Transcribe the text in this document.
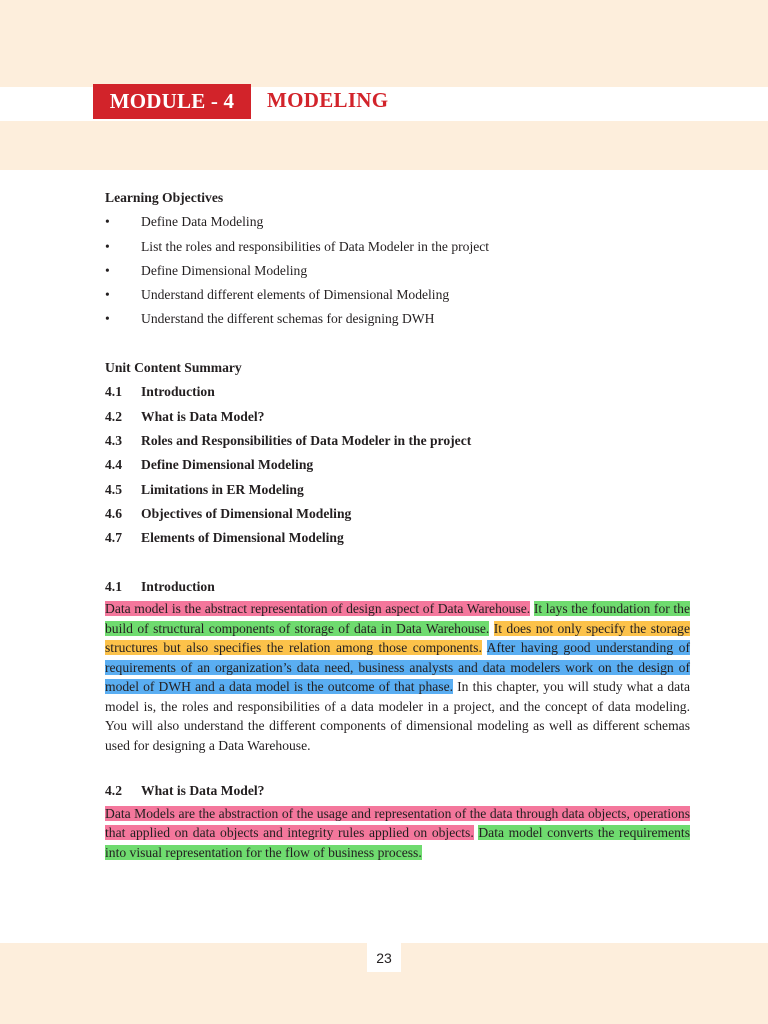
MODULE - 4	MODELING
Learning Objectives
•	Define Data Modeling
•	List the roles and responsibilities of Data Modeler in the project
•	Define Dimensional Modeling
•	Understand different elements of Dimensional Modeling
•	Understand the different schemas for designing DWH
Unit Content Summary
4.1	Introduction
4.2	What is Data Model?
4.3	Roles and Responsibilities of Data Modeler in the project
4.4	Define Dimensional Modeling
4.5	Limitations in ER Modeling
4.6	Objectives of Dimensional Modeling
4.7	Elements of Dimensional Modeling
4.1	Introduction

Data model is the abstract representation of design aspect of Data Warehouse. It lays the foundation for the build of structural components of storage of data in Data Warehouse. It does not only specify the storage structures but also specifies the relation among those components. After having good understanding of requirements of an organization’s data need, business analysts and data modelers work on the design of model of DWH and a data model is the outcome of that phase. In this chapter, you will study what a data model is, the roles and responsibilities of a data modeler in a project, and the concept of data modeling. You will also understand the different components of dimensional modeling as well as different schemas used for designing a Data Warehouse.

4.2	What is Data Model?

Data Models are the abstraction of the usage and representation of the data through data objects, operations that applied on data objects and integrity rules applied on objects. Data model converts the requirements into visual representation for the flow of business process.

23
